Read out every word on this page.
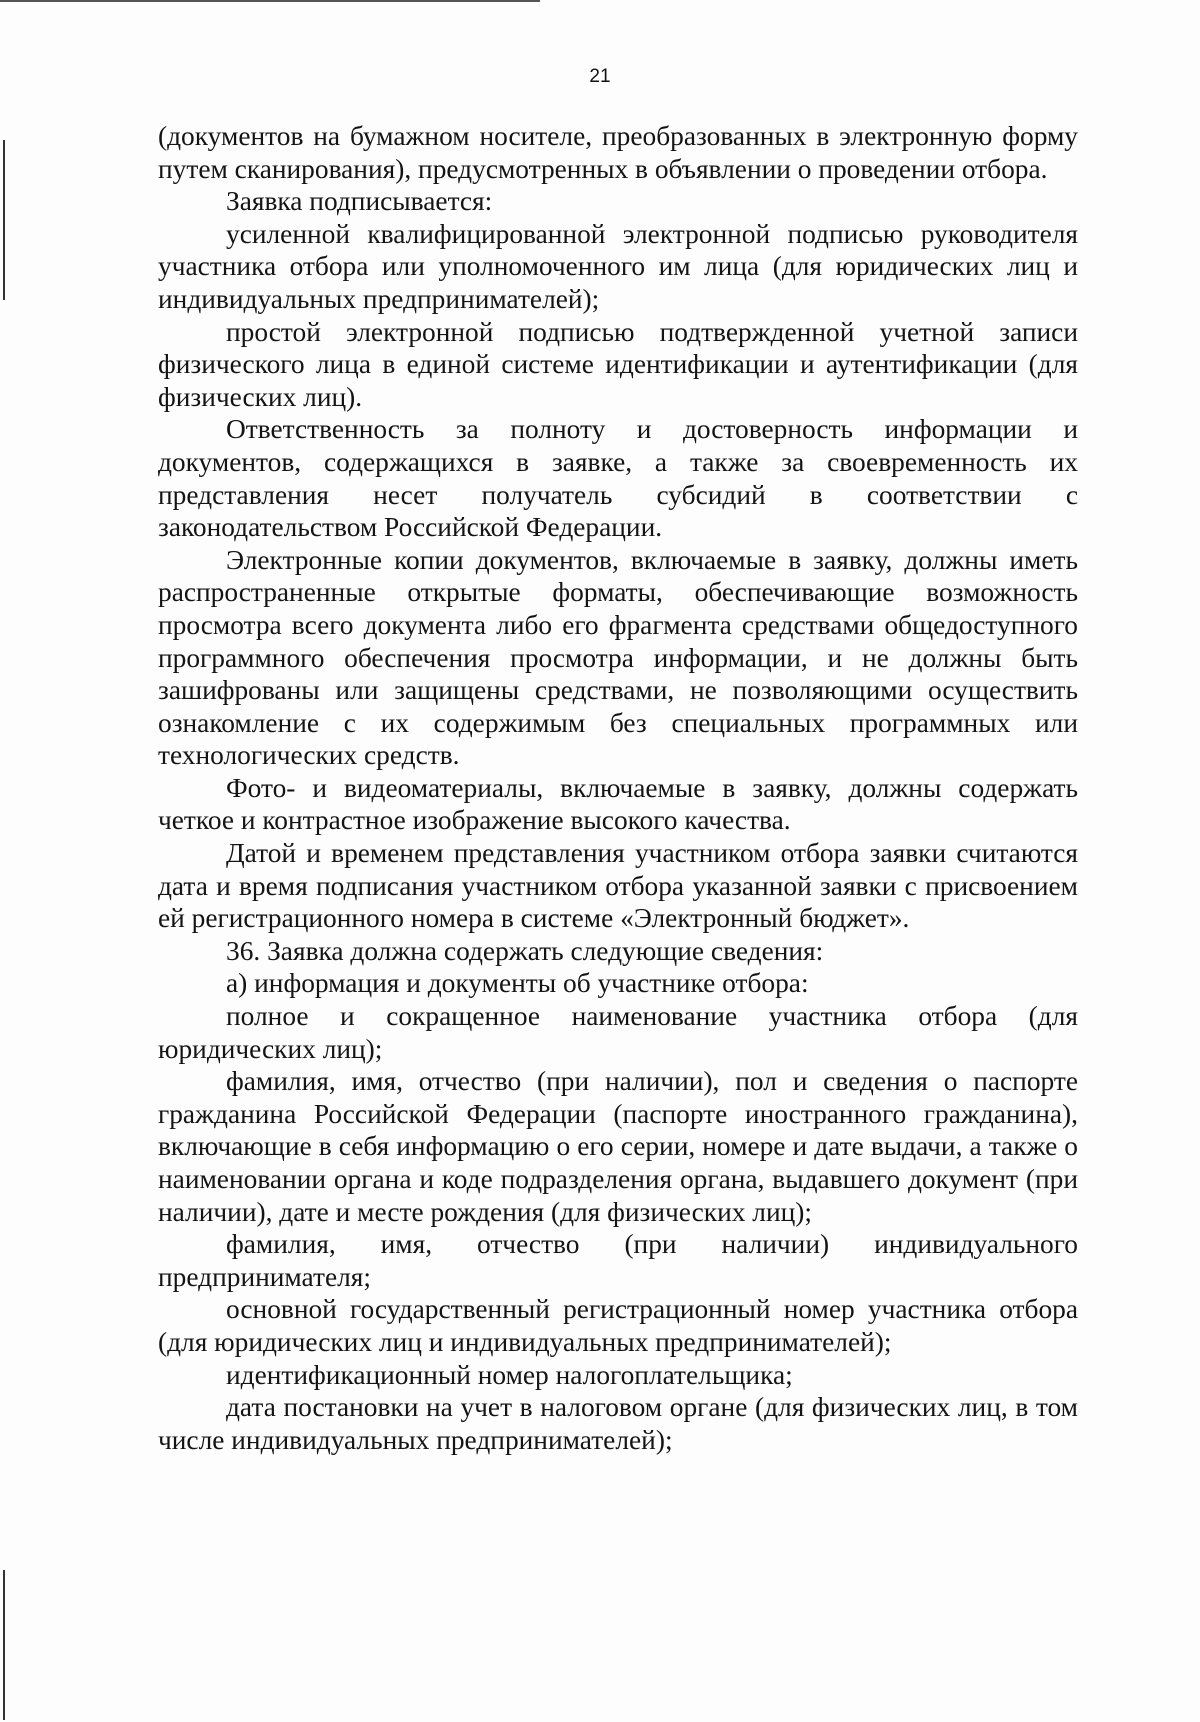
21

(документов на бумажном носителе, преобразованных в электронную форму путем сканирования), предусмотренных в объявлении о проведении отбора.

Заявка подписывается:

усиленной квалифицированной электронной подписью руководителя участника отбора или уполномоченного им лица (для юридических лиц и индивидуальных предпринимателей);

простой электронной подписью подтвержденной учетной записи физического лица в единой системе идентификации и аутентификации (для физических лиц).

Ответственность за полноту и достоверность информации и документов, содержащихся в заявке, а также за своевременность их представления несет получатель субсидий в соответствии с законодательством Российской Федерации.

Электронные копии документов, включаемые в заявку, должны иметь распространенные открытые форматы, обеспечивающие возможность просмотра всего документа либо его фрагмента средствами общедоступного программного обеспечения просмотра информации, и не должны быть зашифрованы или защищены средствами, не позволяющими осуществить ознакомление с их содержимым без специальных программных или технологических средств.

Фото- и видеоматериалы, включаемые в заявку, должны содержать четкое и контрастное изображение высокого качества.

Датой и временем представления участником отбора заявки считаются дата и время подписания участником отбора указанной заявки с присвоением ей регистрационного номера в системе «Электронный бюджет».

36. Заявка должна содержать следующие сведения:

а) информация и документы об участнике отбора:

полное и сокращенное наименование участника отбора (для юридических лиц);

фамилия, имя, отчество (при наличии), пол и сведения о паспорте гражданина Российской Федерации (паспорте иностранного гражданина), включающие в себя информацию о его серии, номере и дате выдачи, а также о наименовании органа и коде подразделения органа, выдавшего документ (при наличии), дате и месте рождения (для физических лиц);

фамилия, имя, отчество (при наличии) индивидуального предпринимателя;

основной государственный регистрационный номер участника отбора (для юридических лиц и индивидуальных предпринимателей);

идентификационный номер налогоплательщика;

дата постановки на учет в налоговом органе (для физических лиц, в том числе индивидуальных предпринимателей);
